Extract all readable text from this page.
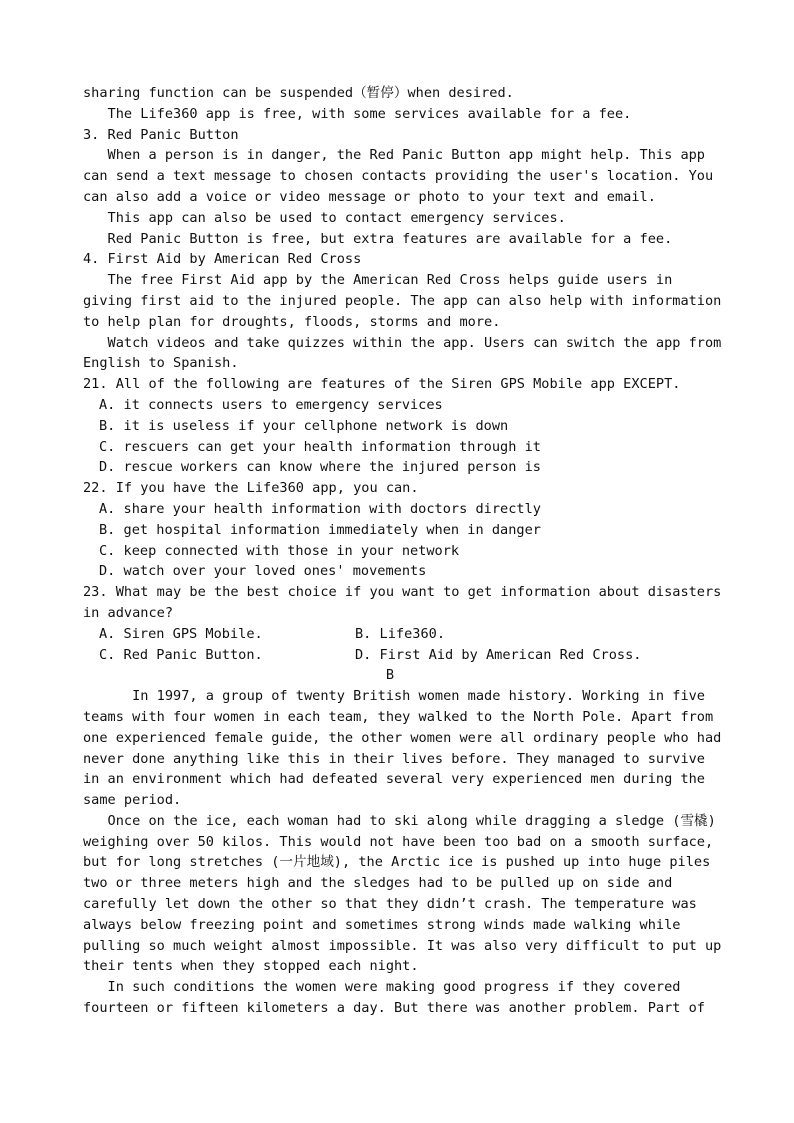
sharing function can be suspended（暂停）when desired.
The Life360 app is free, with some services available for a fee.
3. Red Panic Button
When a person is in danger, the Red Panic Button app might help. This app
can send a text message to chosen contacts providing the user's location. You
can also add a voice or video message or photo to your text and email.
This app can also be used to contact emergency services.
Red Panic Button is free, but extra features are available for a fee.
4. First Aid by American Red Cross
The free First Aid app by the American Red Cross helps guide users in
giving first aid to the injured people. The app can also help with information
to help plan for droughts, floods, storms and more.
Watch videos and take quizzes within the app. Users can switch the app from
English to Spanish.
21. All of the following are features of the Siren GPS Mobile app EXCEPT.
A. it connects users to emergency services
B. it is useless if your cellphone network is down
C. rescuers can get your health information through it
D. rescue workers can know where the injured person is
22. If you have the Life360 app, you can.
A. share your health information with doctors directly
B. get hospital information immediately when in danger
C. keep connected with those in your network
D. watch over your loved ones' movements
23. What may be the best choice if you want to get information about disasters
in advance?
A. Siren GPS Mobile.	B. Life360.
C. Red Panic Button.	D. First Aid by American Red Cross.
B
In 1997, a group of twenty British women made history. Working in five
teams with four women in each team, they walked to the North Pole. Apart from
one experienced female guide, the other women were all ordinary people who had
never done anything like this in their lives before. They managed to survive
in an environment which had defeated several very experienced men during the
same period.
Once on the ice, each woman had to ski along while dragging a sledge (雪橇)
weighing over 50 kilos. This would not have been too bad on a smooth surface,
but for long stretches (一片地域), the Arctic ice is pushed up into huge piles
two or three meters high and the sledges had to be pulled up on side and
carefully let down the other so that they didn’t crash. The temperature was
always below freezing point and sometimes strong winds made walking while
pulling so much weight almost impossible. It was also very difficult to put up
their tents when they stopped each night.
In such conditions the women were making good progress if they covered
fourteen or fifteen kilometers a day. But there was another problem. Part of
